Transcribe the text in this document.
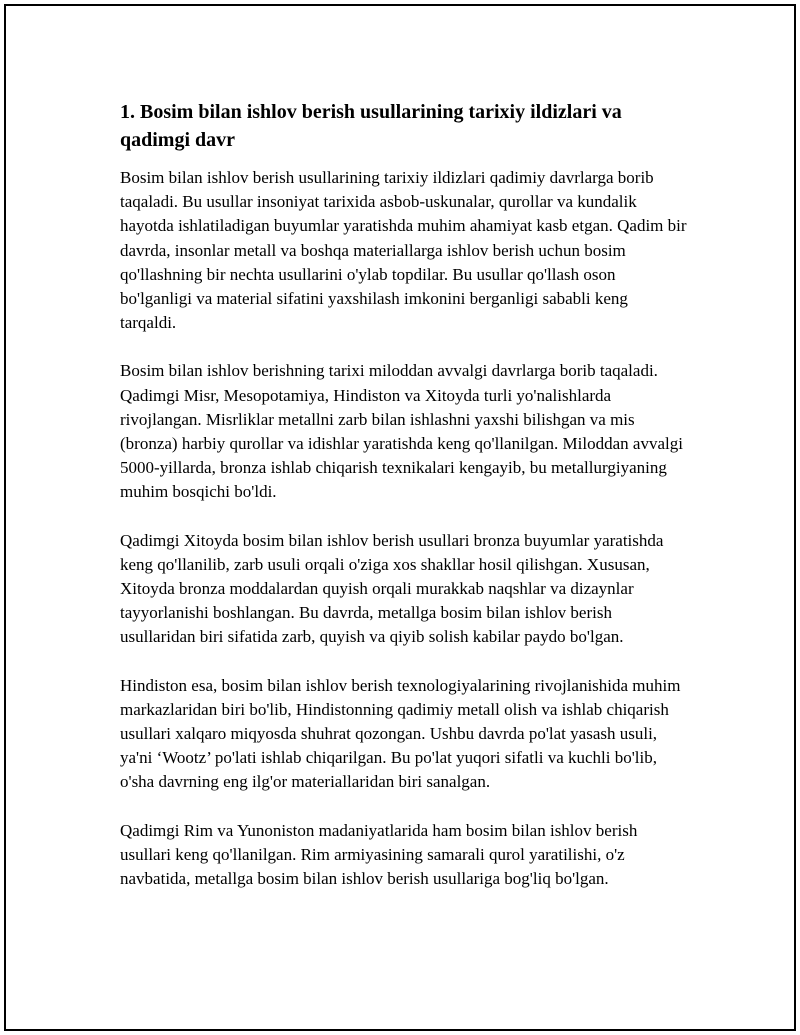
1. Bosim bilan ishlov berish usullarining tarixiy ildizlari va qadimgi davr

Bosim bilan ishlov berish usullarining tarixiy ildizlari qadimiy davrlarga borib taqaladi. Bu usullar insoniyat tarixida asbob-uskunalar, qurollar va kundalik hayotda ishlatiladigan buyumlar yaratishda muhim ahamiyat kasb etgan. Qadim bir davrda, insonlar metall va boshqa materiallarga ishlov berish uchun bosim qo'llashning bir nechta usullarini o'ylab topdilar. Bu usullar qo'llash oson bo'lganligi va material sifatini yaxshilash imkonini berganligi sababli keng tarqaldi.

Bosim bilan ishlov berishning tarixi miloddan avvalgi davrlarga borib taqaladi. Qadimgi Misr, Mesopotamiya, Hindiston va Xitoyda turli yo'nalishlarda rivojlangan. Misrliklar metallni zarb bilan ishlashni yaxshi bilishgan va mis (bronza) harbiy qurollar va idishlar yaratishda keng qo'llanilgan. Miloddan avvalgi 5000-yillarda, bronza ishlab chiqarish texnikalari kengayib, bu metallurgiyaning muhim bosqichi bo'ldi.

Qadimgi Xitoyda bosim bilan ishlov berish usullari bronza buyumlar yaratishda keng qo'llanilib, zarb usuli orqali o'ziga xos shakllar hosil qilishgan. Xususan, Xitoyda bronza moddalardan quyish orqali murakkab naqshlar va dizaynlar tayyorlanishi boshlangan. Bu davrda, metallga bosim bilan ishlov berish usullaridan biri sifatida zarb, quyish va qiyib solish kabilar paydo bo'lgan.

Hindiston esa, bosim bilan ishlov berish texnologiyalarining rivojlanishida muhim markazlaridan biri bo'lib, Hindistonning qadimiy metall olish va ishlab chiqarish usullari xalqaro miqyosda shuhrat qozongan. Ushbu davrda po'lat yasash usuli, ya'ni ‘Wootz’ po'lati ishlab chiqarilgan. Bu po'lat yuqori sifatli va kuchli bo'lib, o'sha davrning eng ilg'or materiallaridan biri sanalgan.

Qadimgi Rim va Yunoniston madaniyatlarida ham bosim bilan ishlov berish usullari keng qo'llanilgan. Rim armiyasining samarali qurol yaratilishi, o'z navbatida, metallga bosim bilan ishlov berish usullariga bog'liq bo'lgan.
